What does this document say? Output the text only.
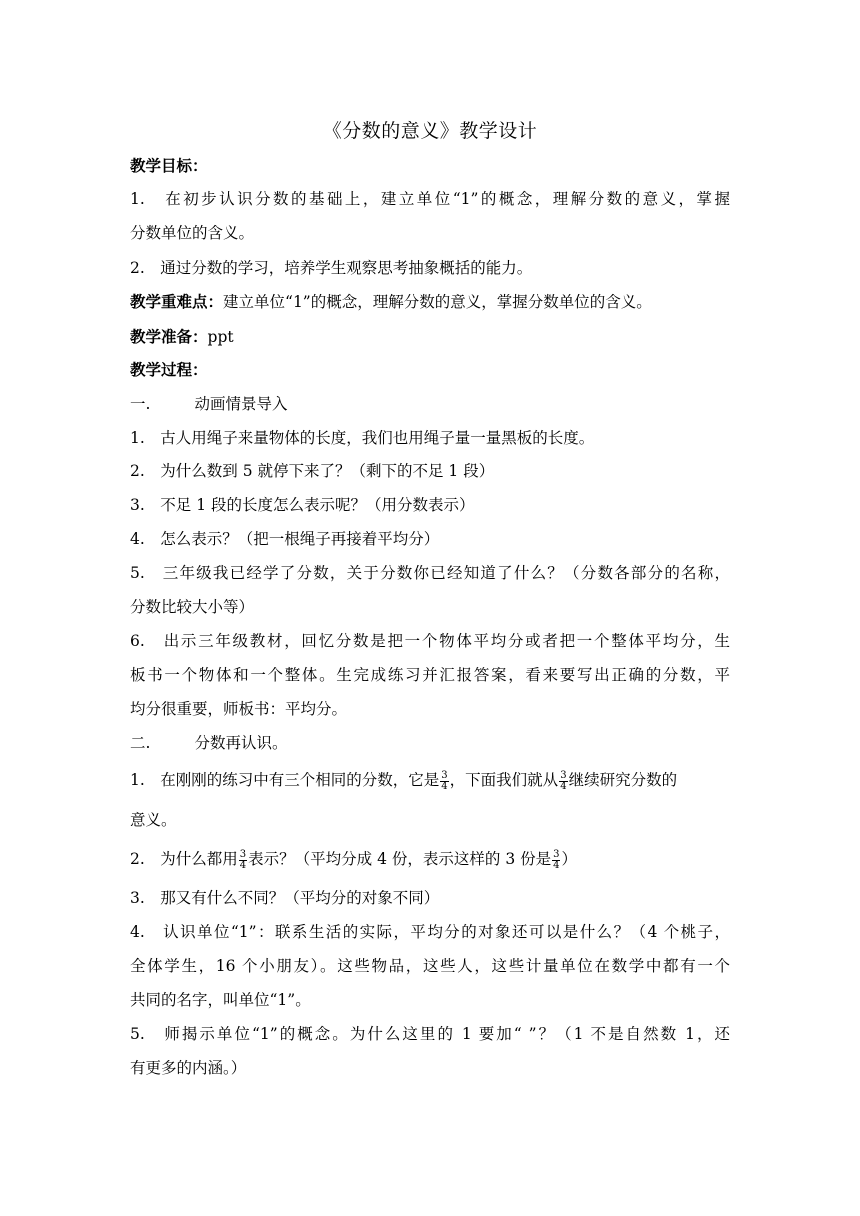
《分数的意义》教学设计
教学目标：
1.　在初步认识分数的基础上，建立单位“1”的概念，理解分数的意义，掌握
分数单位的含义。
2.　通过分数的学习，培养学生观察思考抽象概括的能力。
教学重难点：建立单位“1”的概念，理解分数的意义，掌握分数单位的含义。
教学准备：ppt
教学过程：
一.	动画情景导入
1.　古人用绳子来量物体的长度，我们也用绳子量一量黑板的长度。
2.　为什么数到 5 就停下来了？（剩下的不足 1 段）
3.　不足 1 段的长度怎么表示呢？（用分数表示）
4.　怎么表示？（把一根绳子再接着平均分）
5.　三年级我已经学了分数，关于分数你已经知道了什么？（分数各部分的名称，
分数比较大小等）
6.　出示三年级教材，回忆分数是把一个物体平均分或者把一个整体平均分，生
板书一个物体和一个整体。生完成练习并汇报答案，看来要写出正确的分数，平
均分很重要，师板书：平均分。
二.	分数再认识。
1.　在刚刚的练习中有三个相同的分数，它是 $\frac{3}{4}$ ，下面我们就从 $\frac{3}{4}$ 继续研究分数的
意义。
2.　为什么都用 $\frac{3}{4}$ 表示？（平均分成 4 份，表示这样的 3 份是 $\frac{3}{4}$ ）
3.　那又有什么不同？（平均分的对象不同）
4.　认识单位“1”：联系生活的实际，平均分的对象还可以是什么？（4 个桃子，
全体学生，16 个小朋友）。这些物品，这些人，这些计量单位在数学中都有一个
共同的名字，叫单位“1”。
5.　师揭示单位“1”的概念。为什么这里的 1 要加“ ”？（1 不是自然数 1，还
有更多的内涵。）
